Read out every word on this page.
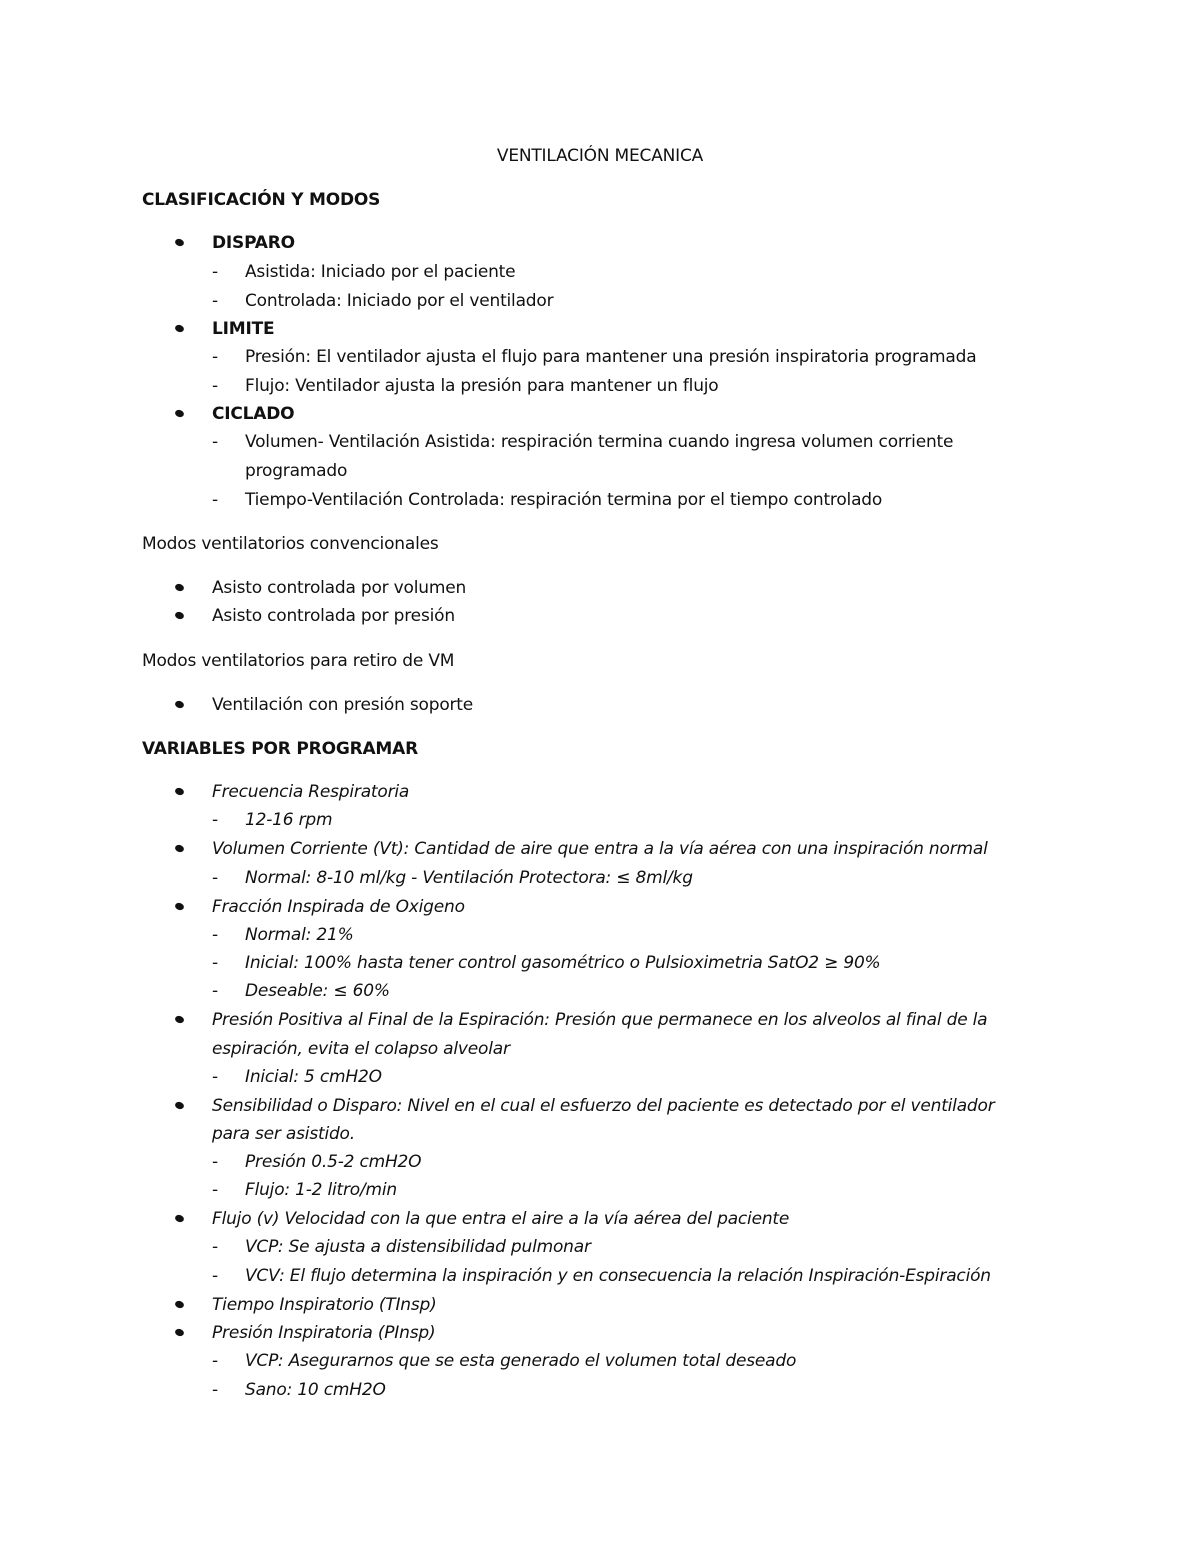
VENTILACIÓN MECANICA
CLASIFICACIÓN Y MODOS
DISPARO
- Asistida: Iniciado por el paciente
- Controlada: Iniciado por el ventilador
LIMITE
- Presión: El ventilador ajusta el flujo para mantener una presión inspiratoria programada
- Flujo: Ventilador ajusta la presión para mantener un flujo
CICLADO
- Volumen- Ventilación Asistida: respiración termina cuando ingresa volumen corriente
programado
- Tiempo-Ventilación Controlada: respiración termina por el tiempo controlado
Modos ventilatorios convencionales
Asisto controlada por volumen
Asisto controlada por presión
Modos ventilatorios para retiro de VM
Ventilación con presión soporte
VARIABLES POR PROGRAMAR
Frecuencia Respiratoria
- 12-16 rpm
Volumen Corriente (Vt): Cantidad de aire que entra a la vía aérea con una inspiración normal
- Normal: 8-10 ml/kg - Ventilación Protectora: ≤ 8ml/kg
Fracción Inspirada de Oxigeno
- Normal: 21%
- Inicial: 100% hasta tener control gasométrico o Pulsioximetria SatO2 ≥ 90%
- Deseable: ≤ 60%
Presión Positiva al Final de la Espiración: Presión que permanece en los alveolos al final de la
espiración, evita el colapso alveolar
- Inicial: 5 cmH2O
Sensibilidad o Disparo: Nivel en el cual el esfuerzo del paciente es detectado por el ventilador
para ser asistido.
- Presión 0.5-2 cmH2O
- Flujo: 1-2 litro/min
Flujo (v) Velocidad con la que entra el aire a la vía aérea del paciente
- VCP: Se ajusta a distensibilidad pulmonar
- VCV: El flujo determina la inspiración y en consecuencia la relación Inspiración-Espiración
Tiempo Inspiratorio (TInsp)
Presión Inspiratoria (PInsp)
- VCP: Asegurarnos que se esta generado el volumen total deseado
- Sano: 10 cmH2O
